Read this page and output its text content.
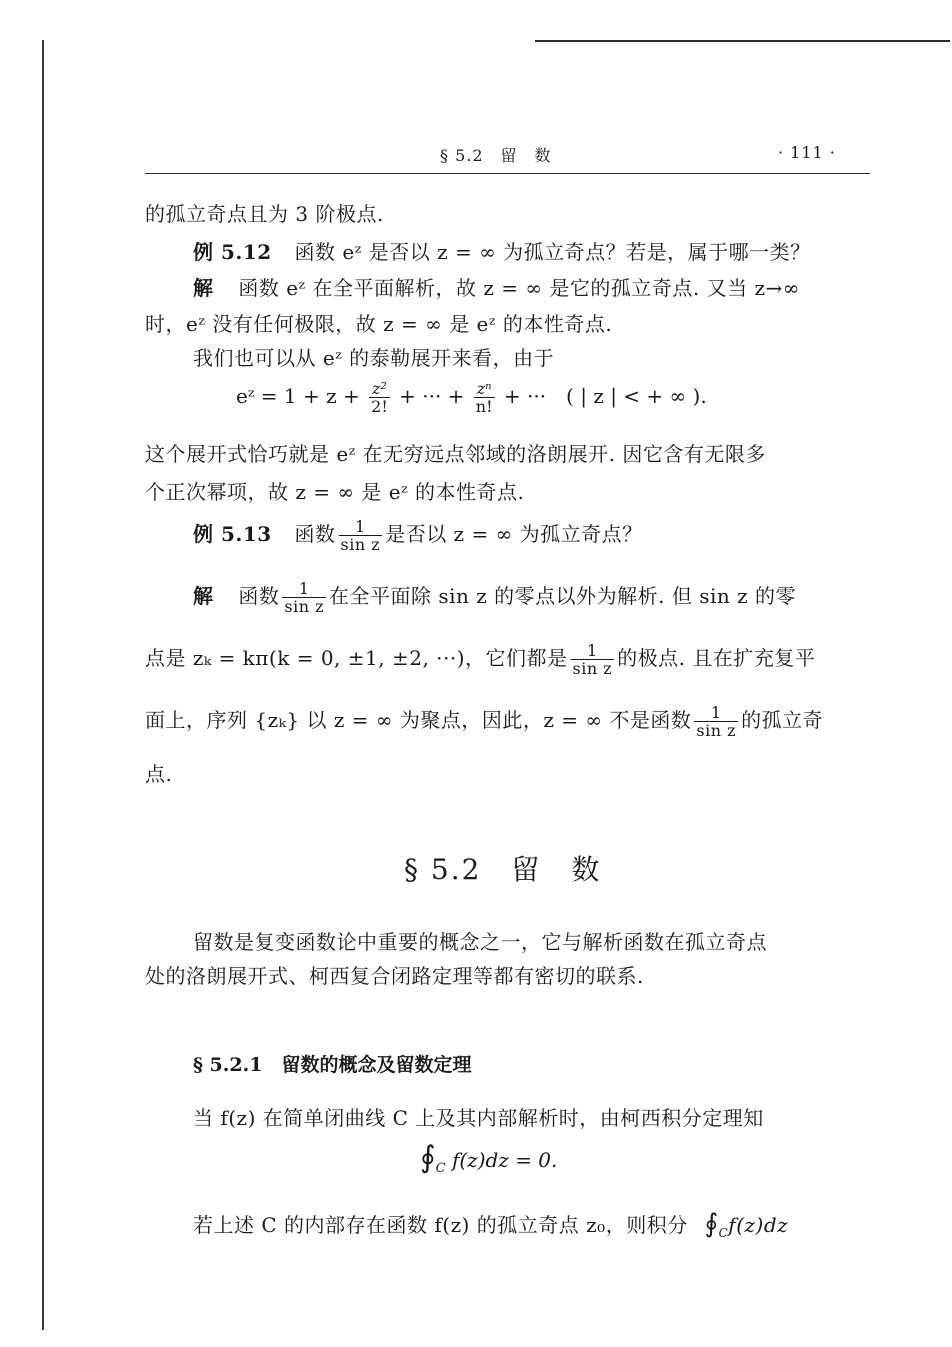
§ 5.2　留　数	· 111 ·
的孤立奇点且为 3 阶极点.
例 5.12 函数 eᶻ 是否以 z = ∞ 为孤立奇点？若是，属于哪一类？
解 函数 eᶻ 在全平面解析，故 z = ∞ 是它的孤立奇点. 又当 z→∞
时，eᶻ 没有任何极限，故 z = ∞ 是 eᶻ 的本性奇点.
我们也可以从 eᶻ 的泰勒展开来看，由于
eᶻ = $1 + z + \frac{\text{z²}}{2!}$ + ··· + $\frac{\text{zⁿ}}{n!}$ + ···　( | z | < + ∞ ).
这个展开式恰巧就是 eᶻ 在无穷远点邻域的洛朗展开. 因它含有无限多
个正次幂项，故 z = ∞ 是 eᶻ 的本性奇点.
例 5.13 函数 $\frac{1}{\text{sin z}}$ 是否以 z = ∞ 为孤立奇点？
解 函数 $\frac{1}{\text{sin z}}$ 在全平面除 sin z 的零点以外为解析. 但 sin z 的零
点是 zₖ = kπ(k = 0, ±1, ±2, ···)，它们都是 $\frac{1}{\text{sin z}}$ 的极点. 且在扩充复平
面上，序列 {zₖ} 以 z = ∞ 为聚点，因此，z = ∞ 不是函数 $\frac{1}{\text{sin z}}$ 的孤立奇
点.
§ 5.2　留　数
留数是复变函数论中重要的概念之一，它与解析函数在孤立奇点
处的洛朗展开式、柯西复合闭路定理等都有密切的联系.
§ 5.2.1　留数的概念及留数定理
当 f(z) 在简单闭曲线 C 上及其内部解析时，由柯西积分定理知
$∮_C$ f(z)dz = 0.
若上述 C 的内部存在函数 f(z) 的孤立奇点 z₀，则积分 $∮_Cf(z)dz$
